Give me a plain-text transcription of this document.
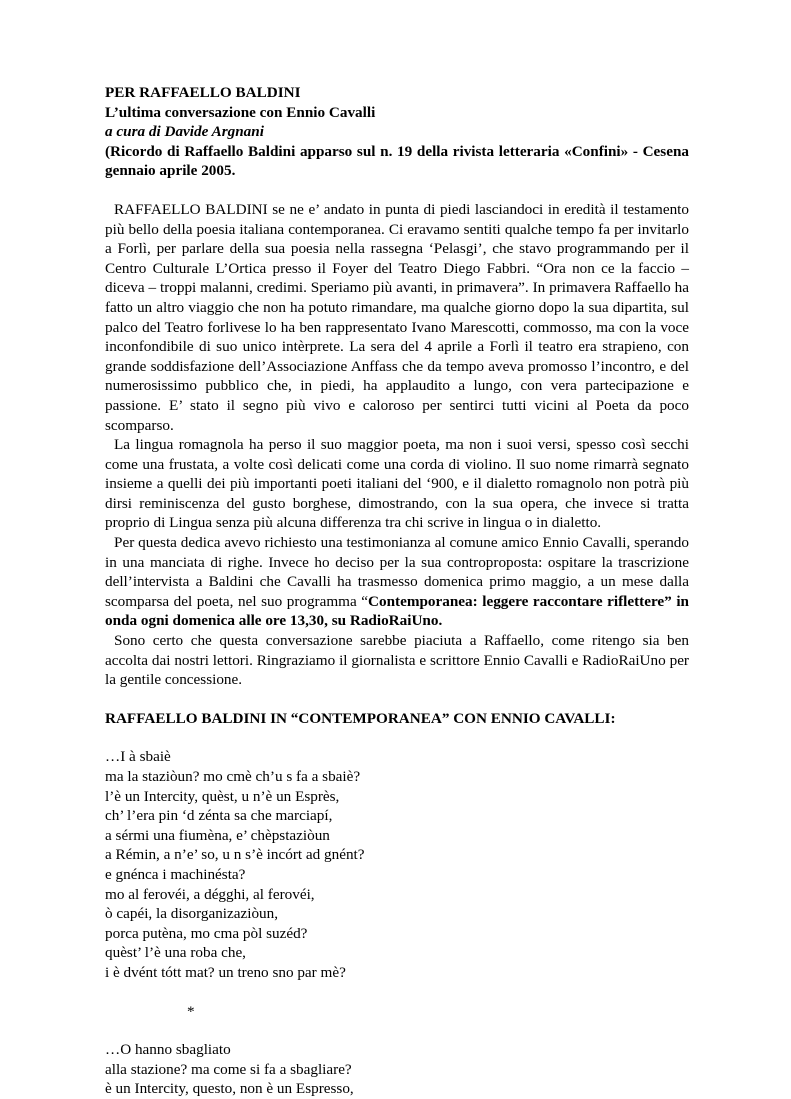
PER RAFFAELLO BALDINI

L’ultima conversazione con Ennio Cavalli

a cura di Davide Argnani

(Ricordo di Raffaello Baldini apparso sul n. 19 della rivista letteraria «Confini» - Cesena gennaio aprile 2005.

RAFFAELLO BALDINI se ne e’ andato in punta di piedi lasciandoci in eredità il testamento più bello della poesia italiana contemporanea. Ci eravamo sentiti qualche tempo fa per invitarlo a Forlì, per parlare della sua poesia nella rassegna ‘Pelasgi’, che stavo programmando per il Centro Culturale L’Ortica presso il Foyer del Teatro Diego Fabbri. “Ora non ce la faccio – diceva – troppi malanni, credimi. Speriamo più avanti, in primavera”. In primavera Raffaello ha fatto un altro viaggio che non ha potuto rimandare, ma qualche giorno dopo la sua dipartita, sul palco del Teatro forlivese lo ha ben rappresentato Ivano Marescotti, commosso, ma con la voce inconfondibile di suo unico intèrprete. La sera del 4 aprile a Forlì il teatro era strapieno, con grande soddisfazione dell’Associazione Anffass che da tempo aveva promosso l’incontro, e del numerosissimo pubblico che, in piedi, ha applaudito a lungo, con vera partecipazione e passione. E’ stato il segno più vivo e caloroso per sentirci tutti vicini al Poeta da poco scomparso.

La lingua romagnola ha perso il suo maggior poeta, ma non i suoi versi, spesso così secchi come una frustata, a volte così delicati come una corda di violino. Il suo nome rimarrà segnato insieme a quelli dei più importanti poeti italiani del ‘900, e il dialetto romagnolo non potrà più dirsi reminiscenza del gusto borghese, dimostrando, con la sua opera, che invece si tratta proprio di Lingua senza più alcuna differenza tra chi scrive in lingua o in dialetto.

Per questa dedica avevo richiesto una testimonianza al comune amico Ennio Cavalli, sperando in una manciata di righe. Invece ho deciso per la sua controproposta: ospitare la trascrizione dell’intervista a Baldini che Cavalli ha trasmesso domenica primo maggio, a un mese dalla scomparsa del poeta, nel suo programma “Contemporanea: leggere raccontare riflettere” in onda ogni domenica alle ore 13,30, su RadioRaiUno.

Sono certo che questa conversazione sarebbe piaciuta a Raffaello, come ritengo sia ben accolta dai nostri lettori. Ringraziamo il giornalista e scrittore Ennio Cavalli e RadioRaiUno per la gentile concessione.

RAFFAELLO BALDINI IN “CONTEMPORANEA” CON ENNIO CAVALLI:

…I à sbaiè
ma la staziòun? mo cmè ch’u s fa a sbaiè?
l’è un Intercity, quèst, u n’è un Esprès,
ch’ l’era pin ‘d zénta sa che marciapí,
a sérmi una fiumèna, e’ chèpstaziòun
a Rémin, a n’e’ so, u n s’è incórt ad gnént?
e gnénca i machinésta?
mo al ferovéi, a dégghi, al ferovéi,
ò capéi, la disorganizaziòun,
porca putèna, mo cma pòl suzéd?
quèst’ l’è una roba che,
i è dvént tótt mat? un treno sno par mè?
*
…O hanno sbagliato
alla stazione? ma come si fa a sbagliare?
è un Intercity, questo, non è un Espresso,
